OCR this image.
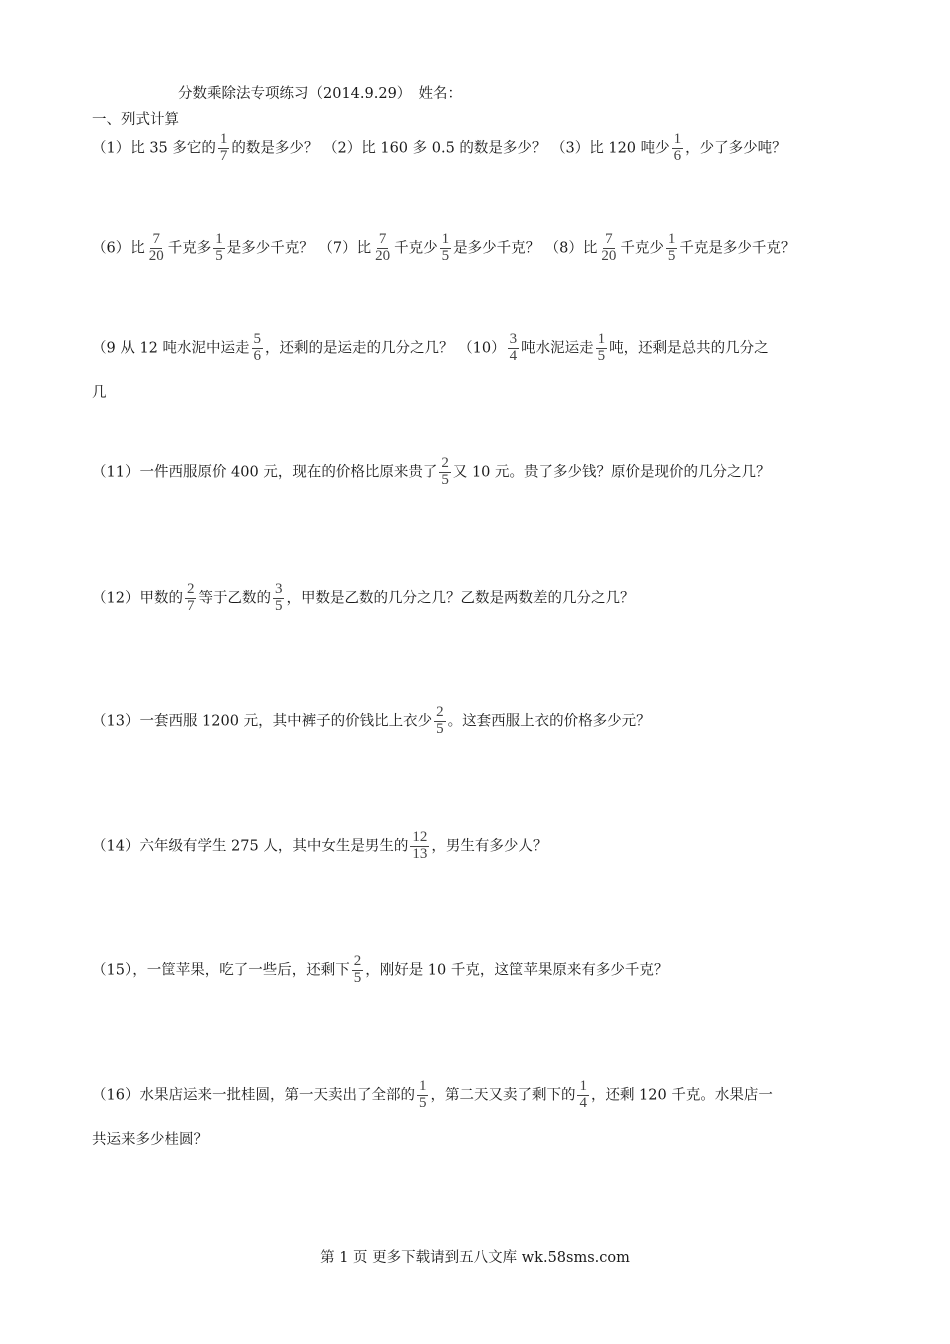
分数乘除法专项练习（2014.9.29）　姓名：
一、列式计算
（1）比 35 多它的 $\frac{1}{7}$ 的数是多少？ （2）比 160 多 0.5 的数是多少？ （3）比 120 吨少 $\frac{1}{6}$ ，少了多少吨？
（6）比 $\frac{7}{20}$ 千克多 $\frac{1}{5}$ 是多少千克？ （7）比 $\frac{7}{20}$ 千克少 $\frac{1}{5}$ 是多少千克？ （8）比 $\frac{7}{20}$ 千克少 $\frac{1}{5}$ 千克是多少千克？
（9 从 12 吨水泥中运走 $\frac{5}{6}$ ，还剩的是运走的几分之几？ $(10) \frac{3}{4}$ 吨水泥运走 $\frac{1}{5}$ 吨，还剩是总共的几分之
几
（11）一件西服原价 400 元，现在的价格比原来贵了 $\frac{2}{5}$ 又 10 元。贵了多少钱？原价是现价的几分之几？
（12）甲数的 $\frac{2}{7}$ 等于乙数的 $\frac{3}{5}$ ，甲数是乙数的几分之几？乙数是两数差的几分之几？
（13）一套西服 1200 元，其中裤子的价钱比上衣少 $\frac{2}{5}$ 。这套西服上衣的价格多少元？
（14）六年级有学生 275 人，其中女生是男生的 $\frac{12}{13}$ ，男生有多少人？
（15），一筐苹果，吃了一些后，还剩下 $\frac{2}{5}$ ，刚好是 10 千克，这筐苹果原来有多少千克？
（16）水果店运来一批桂圆，第一天卖出了全部的 $\frac{1}{5}$ ，第二天又卖了剩下的 $\frac{1}{4}$ ，还剩 120 千克。水果店一
共运来多少桂圆？
第 1 页 更多下载请到五八文库 wk.58sms.com
